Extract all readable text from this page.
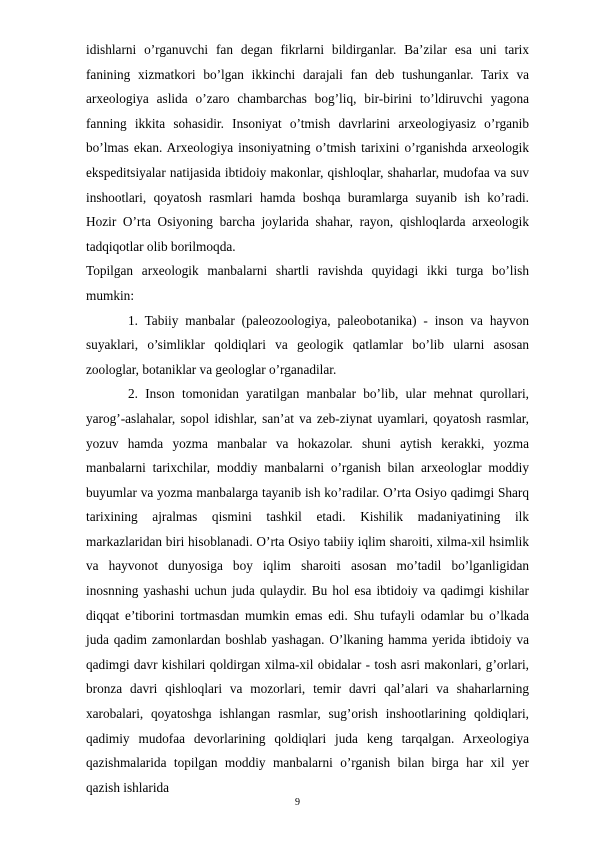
idishlarni o’rganuvchi fan degan fikrlarni bildirganlar. Ba’zilar esa uni tarix fanining xizmatkori bo’lgan ikkinchi darajali fan deb tushunganlar. Tarix va arxeologiya aslida o’zaro chambarchas bog’liq, bir-birini to’ldiruvchi yagona fanning ikkita sohasidir. Insoniyat o’tmish davrlarini arxeologiyasiz o’rganib bo’lmas ekan. Arxeologiya insoniyatning o’tmish tarixini o’rganishda arxeologik ekspeditsiyalar natijasida ibtidoiy makonlar, qishloqlar, shaharlar, mudofaa va suv inshootlari, qoyatosh rasmlari hamda boshqa buramlarga suyanib ish ko’radi. Hozir O’rta Osiyoning barcha joylarida shahar, rayon, qishloqlarda arxeologik tadqiqotlar olib borilmoqda.

Topilgan arxeologik manbalarni shartli ravishda quyidagi ikki turga bo’lish mumkin:

1. Tabiiy manbalar (paleozoologiya, paleobotanika) - inson va hayvon suyaklari, o’simliklar qoldiqlari va geologik qatlamlar bo’lib ularni asosan zoologlar, botaniklar va geologlar o’rganadilar.

2. Inson tomonidan yaratilgan manbalar bo’lib, ular mehnat qurollari, yarog’-aslahalar, sopol idishlar, san’at va zeb-ziynat uyamlari, qoyatosh rasmlar, yozuv hamda yozma manbalar va hokazolar. shuni aytish kerakki, yozma manbalarni tarixchilar, moddiy manbalarni o’rganish bilan arxeologlar moddiy buyumlar va yozma manbalarga tayanib ish ko’radilar. O’rta Osiyo qadimgi Sharq tarixining ajralmas qismini tashkil etadi. Kishilik madaniyatining ilk markazlaridan biri hisoblanadi. O’rta Osiyo tabiiy iqlim sharoiti, xilma-xil hsimlik va hayvonot dunyosiga boy iqlim sharoiti asosan mo’tadil bo’lganligidan inosnning yashashi uchun juda qulaydir. Bu hol esa ibtidoiy va qadimgi kishilar diqqat e’tiborini tortmasdan mumkin emas edi. Shu tufayli odamlar bu o’lkada juda qadim zamonlardan boshlab yashagan. O’lkaning hamma yerida ibtidoiy va qadimgi davr kishilari qoldirgan xilma-xil obidalar - tosh asri makonlari, g’orlari, bronza davri qishloqlari va mozorlari, temir davri qal’alari va shaharlarning xarobalari, qoyatoshga ishlangan rasmlar, sug’orish inshootlarining qoldiqlari, qadimiy mudofaa devorlarining qoldiqlari juda keng tarqalgan. Arxeologiya qazishmalarida topilgan moddiy manbalarni o’rganish bilan birga har xil yer qazish ishlarida

9
